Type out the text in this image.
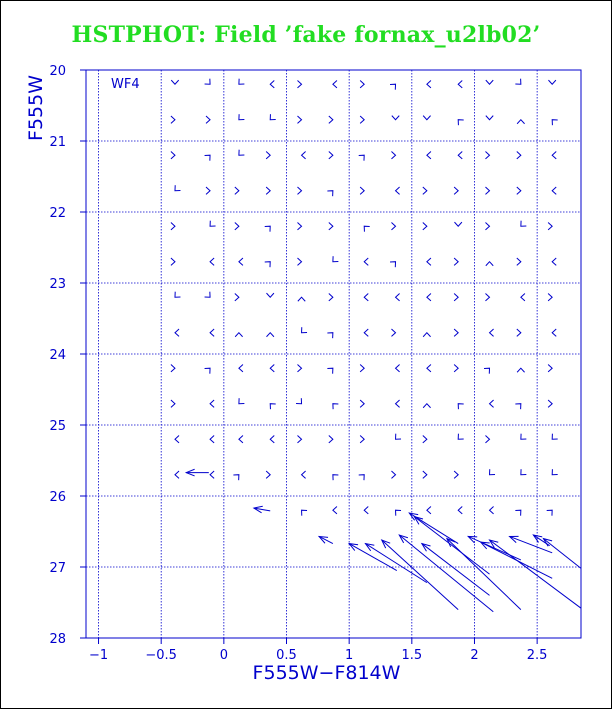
HSTPHOT: Field ’fake fornax_u2lb02’
−1	−0.5	0	0.5	1	1.5	2	2.5
20
21
22
23
24
25
26
27
28
F555W
F555W−F814W
WF4
